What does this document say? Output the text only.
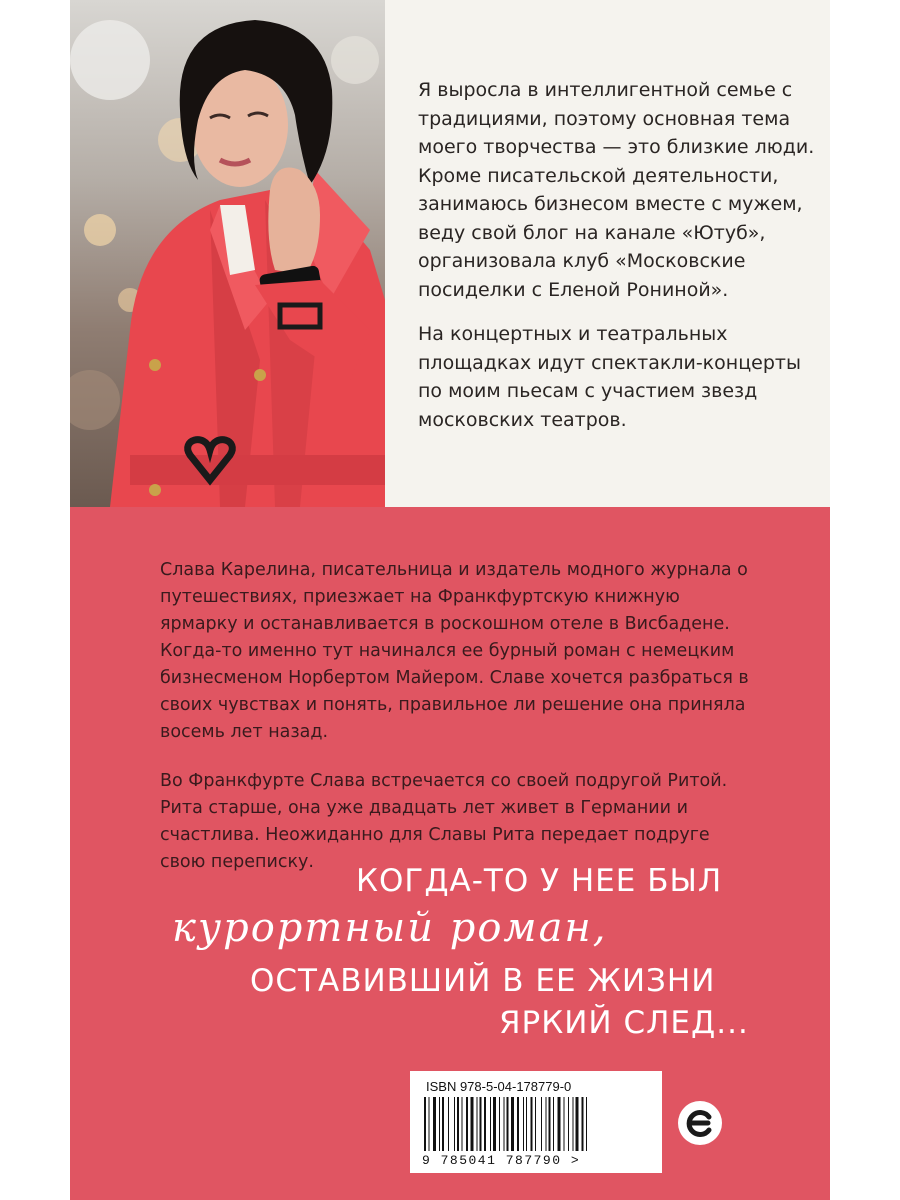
Я выросла в интеллигентной семье с традициями, поэтому основная тема моего творчества — это близкие люди. Кроме писательской деятельности, занимаюсь бизнесом вместе с мужем, веду свой блог на канале «Ютуб», организовала клуб «Московские посиделки с Еленой Рониной».

На концертных и театральных площадках идут спектакли-концерты по моим пьесам с участием звезд московских театров.

Слава Карелина, писательница и издатель модного журнала о путешествиях, приезжает на Франкфуртскую книжную ярмарку и останавливается в роскошном отеле в Висбадене. Когда-то именно тут начинался ее бурный роман с немецким бизнесменом Норбертом Майером. Славе хочется разбраться в своих чувствах и понять, правильное ли решение она приняла восемь лет назад.

Во Франкфурте Слава встречается со своей подругой Ритой. Рита старше, она уже двадцать лет живет в Германии и счастлива. Неожиданно для Славы Рита передает подруге свою переписку.

КОГДА-ТО У НЕЕ БЫЛ
курортный роман,
ОСТАВИВШИЙ В ЕЕ ЖИЗНИ
ЯРКИЙ СЛЕД...
ISBN 978-5-04-178779-0
9 785041 787790 >
